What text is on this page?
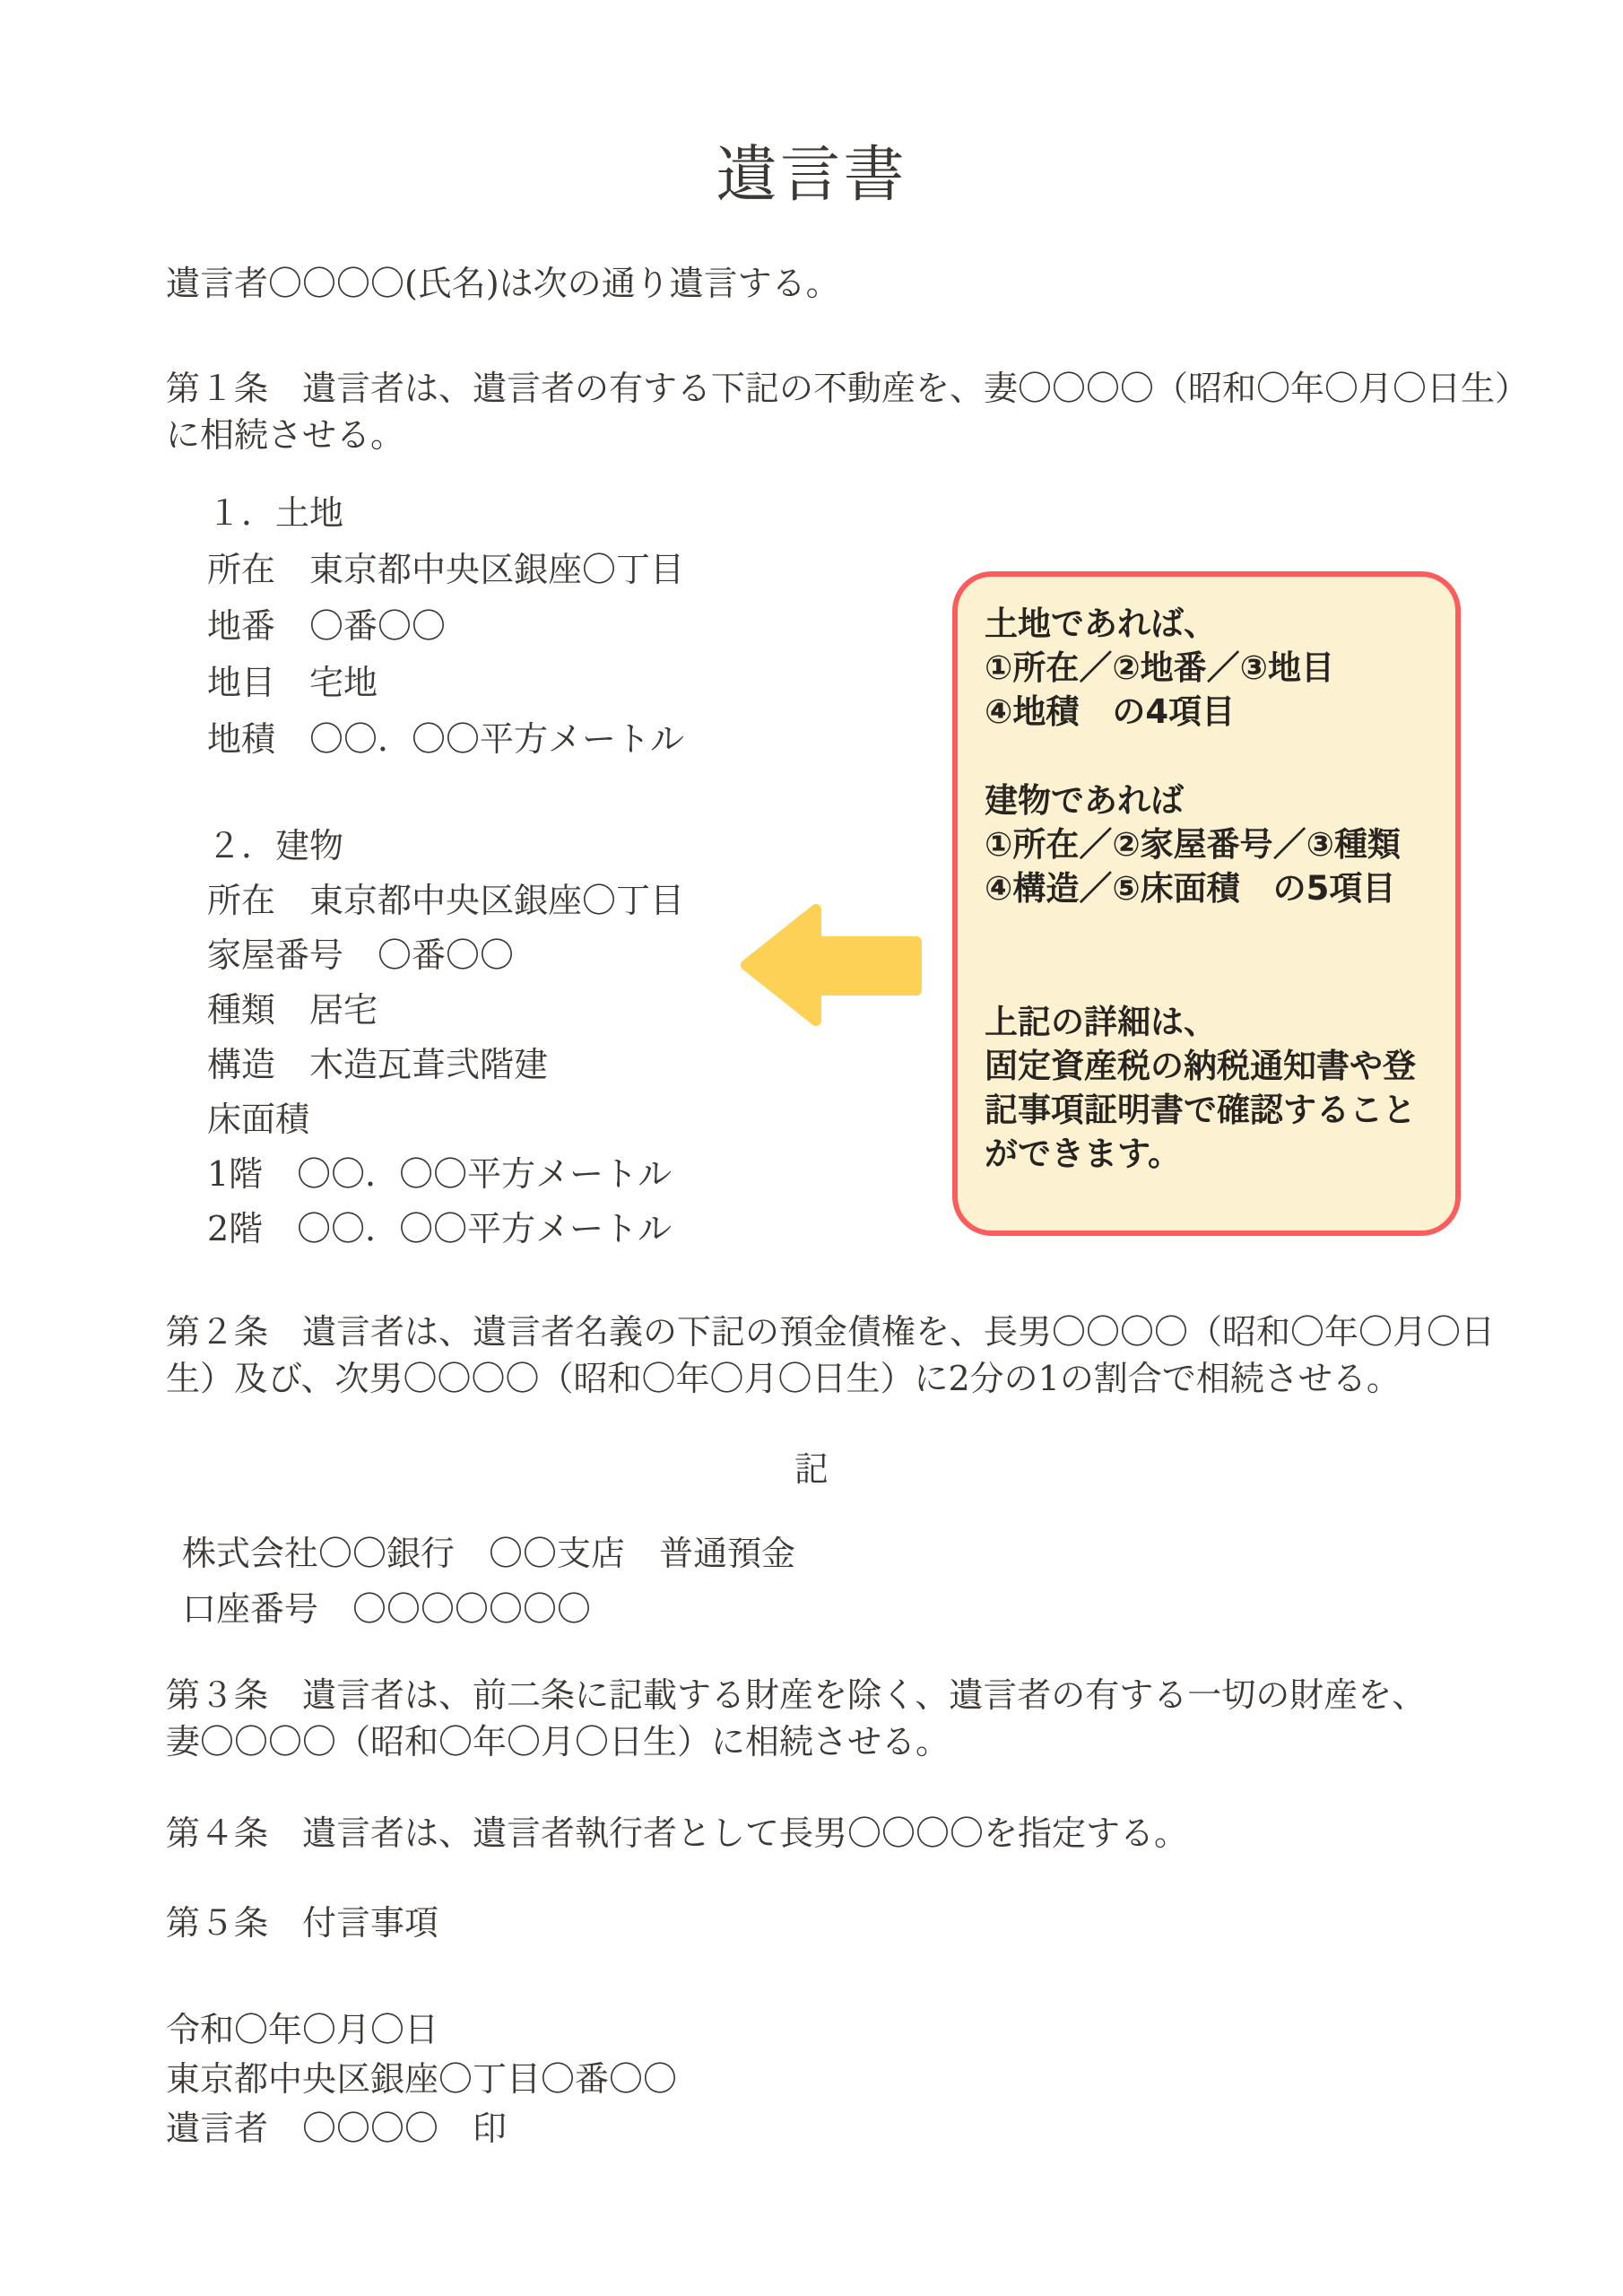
遺言書
遺言者〇〇〇〇(氏名)は次の通り遺言する。
第１条　遺言者は、遺言者の有する下記の不動産を、妻〇〇〇〇（昭和〇年〇月〇日生）
に相続させる。
１．土地
所在　東京都中央区銀座〇丁目
地番　〇番〇〇
地目　宅地
地積　〇〇．〇〇平方メートル
２．建物
所在　東京都中央区銀座〇丁目
家屋番号　〇番〇〇
種類　居宅
構造　木造瓦葺弐階建
床面積
1階　〇〇．〇〇平方メートル
2階　〇〇．〇〇平方メートル
第２条　遺言者は、遺言者名義の下記の預金債権を、長男〇〇〇〇（昭和〇年〇月〇日
生）及び、次男〇〇〇〇（昭和〇年〇月〇日生）に2分の1の割合で相続させる。
記
株式会社〇〇銀行　〇〇支店　普通預金
口座番号　〇〇〇〇〇〇〇
第３条　遺言者は、前二条に記載する財産を除く、遺言者の有する一切の財産を、
妻〇〇〇〇（昭和〇年〇月〇日生）に相続させる。
第４条　遺言者は、遺言者執行者として長男〇〇〇〇を指定する。
第５条　付言事項
令和〇年〇月〇日
東京都中央区銀座〇丁目〇番〇〇
遺言者　〇〇〇〇　印
土地であれば、
①所在／②地番／③地目
④地積　の4項目
建物であれば
①所在／②家屋番号／③種類
④構造／⑤床面積　の5項目
上記の詳細は、
固定資産税の納税通知書や登
記事項証明書で確認すること
ができます。
